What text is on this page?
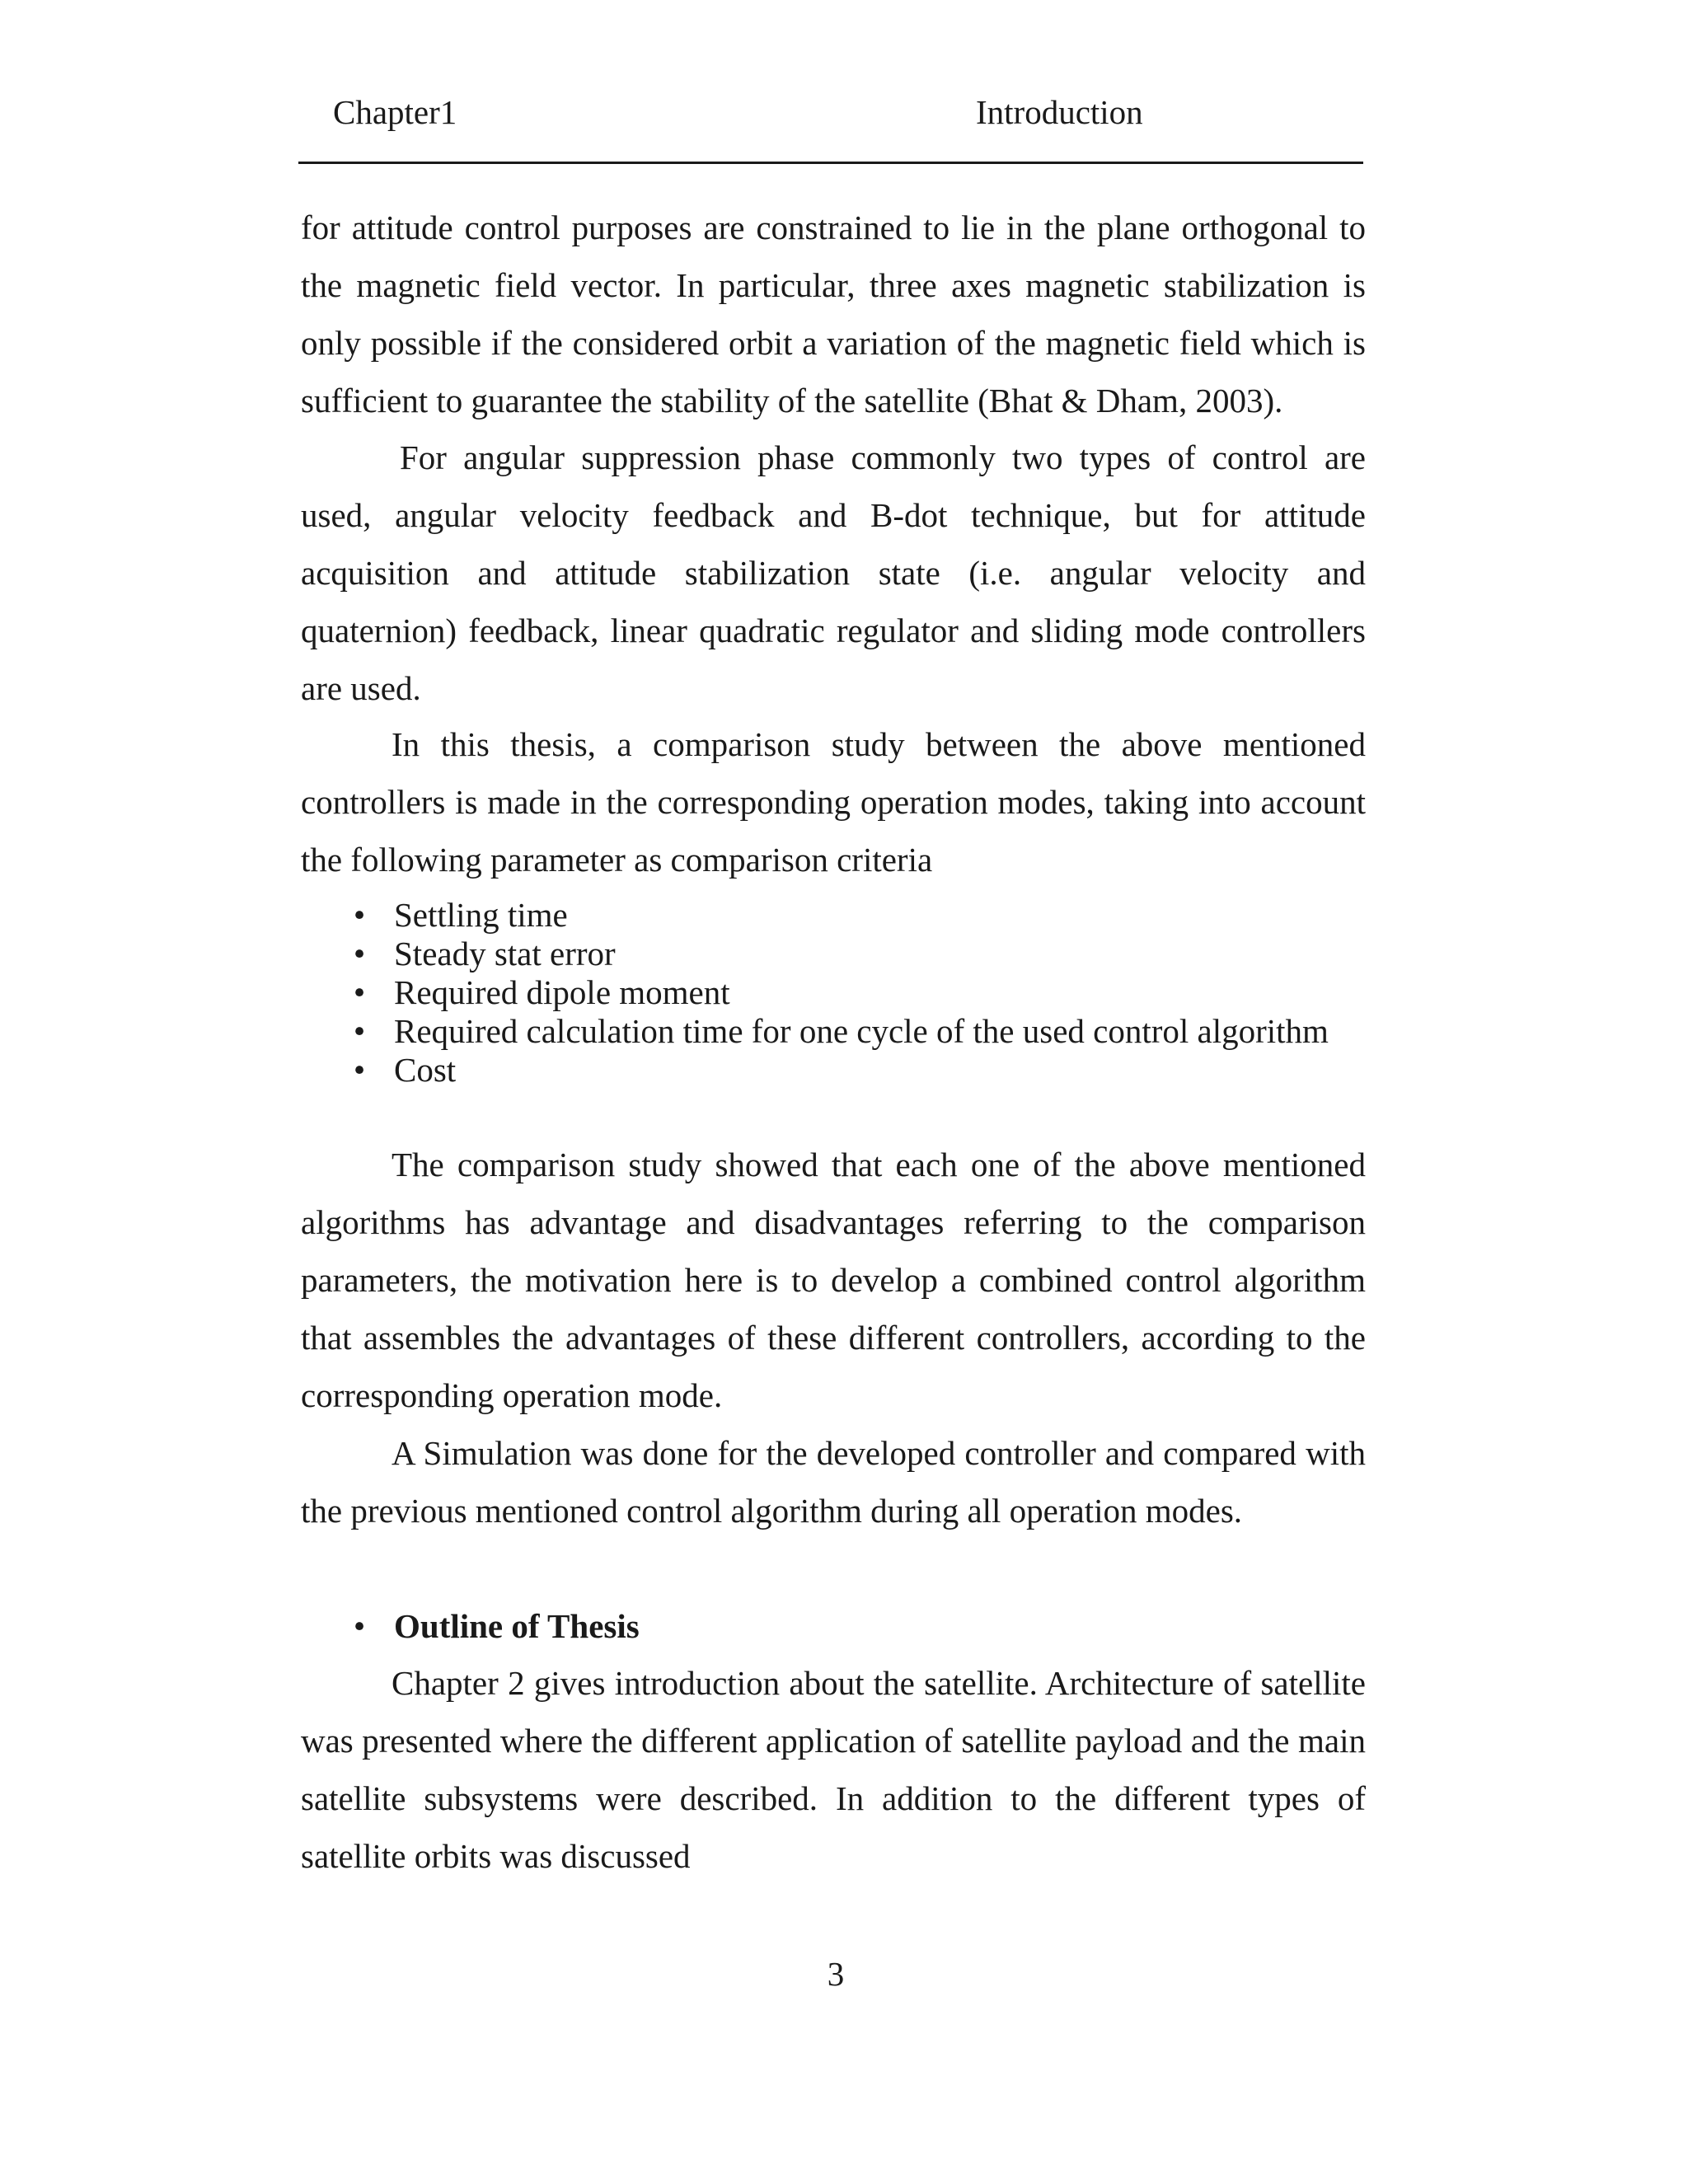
Chapter1	Introduction

for attitude control purposes are constrained to lie in the plane orthogonal to the magnetic field vector. In particular, three axes magnetic stabilization is only possible if the considered orbit a variation of the magnetic field which is sufficient to guarantee the stability of the satellite (Bhat & Dham, 2003).

For angular suppression phase commonly two types of control are used, angular velocity feedback and B-dot technique, but for attitude acquisition and attitude stabilization state (i.e. angular velocity and quaternion) feedback, linear quadratic regulator and sliding mode controllers are used.

In this thesis, a comparison study between the above mentioned controllers is made in the corresponding operation modes, taking into account the following parameter as comparison criteria

• Settling time
• Steady stat error
• Required dipole moment
• Required calculation time for one cycle of the used control algorithm
• Cost

The comparison study showed that each one of the above mentioned algorithms has advantage and disadvantages referring to the comparison parameters, the motivation here is to develop a combined control algorithm that assembles the advantages of these different controllers, according to the corresponding operation mode.

A Simulation was done for the developed controller and compared with the previous mentioned control algorithm during all operation modes.

• Outline of Thesis

Chapter 2 gives introduction about the satellite. Architecture of satellite was presented where the different application of satellite payload and the main satellite subsystems were described. In addition to the different types of satellite orbits was discussed

3
